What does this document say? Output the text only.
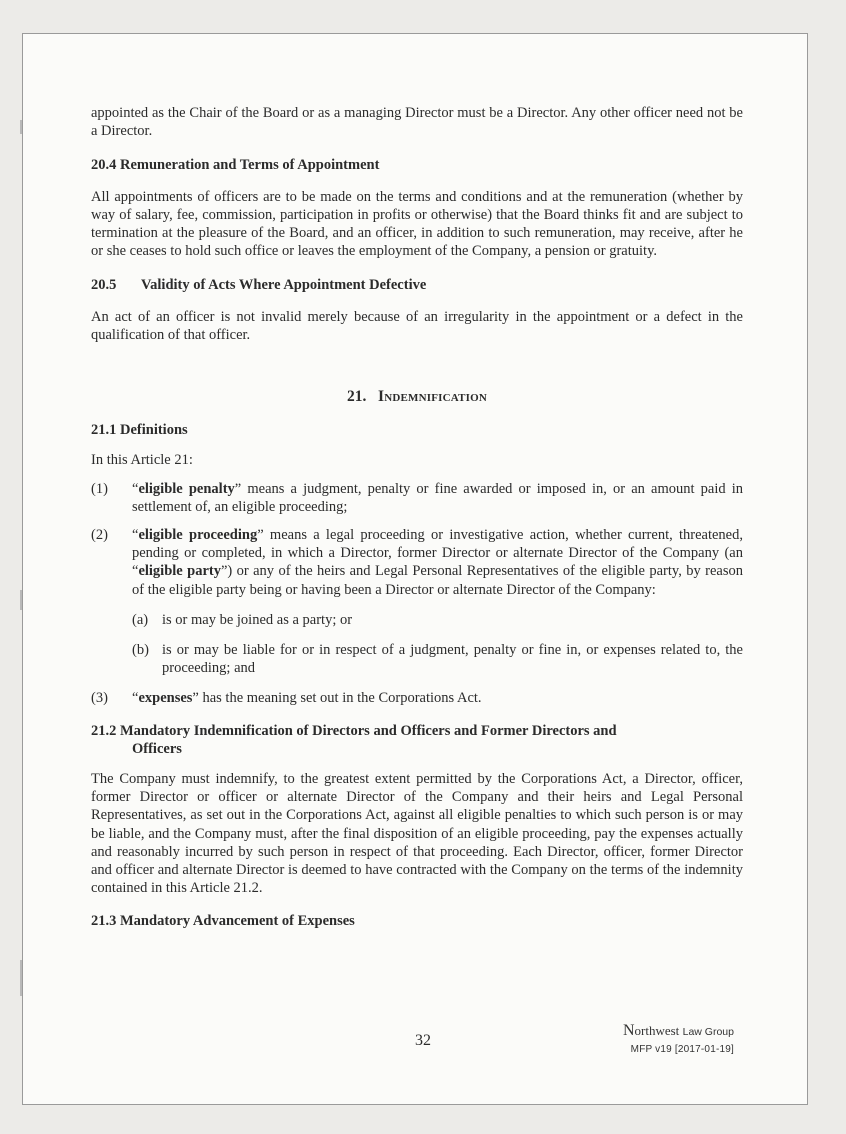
appointed as the Chair of the Board or as a managing Director must be a Director. Any other officer need not be a Director.

20.4 Remuneration and Terms of Appointment

All appointments of officers are to be made on the terms and conditions and at the remuneration (whether by way of salary, fee, commission, participation in profits or otherwise) that the Board thinks fit and are subject to termination at the pleasure of the Board, and an officer, in addition to such remuneration, may receive, after he or she ceases to hold such office or leaves the employment of the Company, a pension or gratuity.

20.5 Validity of Acts Where Appointment Defective

An act of an officer is not invalid merely because of an irregularity in the appointment or a defect in the qualification of that officer.

21. Indemnification
21.1 Definitions

In this Article 21:

(1)	“eligible penalty” means a judgment, penalty or fine awarded or imposed in, or an amount paid in settlement of, an eligible proceeding;
(2)	“eligible proceeding” means a legal proceeding or investigative action, whether current, threatened, pending or completed, in which a Director, former Director or alternate Director of the Company (an “eligible party”) or any of the heirs and Legal Personal Representatives of the eligible party, by reason of the eligible party being or having been a Director or alternate Director of the Company:
(a) is or may be joined as a party; or
(b) is or may be liable for or in respect of a judgment, penalty or fine in, or expenses related to, the proceeding; and
(3)	“expenses” has the meaning set out in the Corporations Act.
21.2 Mandatory Indemnification of Directors and Officers and Former Directors and
Officers

The Company must indemnify, to the greatest extent permitted by the Corporations Act, a Director, officer, former Director or officer or alternate Director of the Company and their heirs and Legal Personal Representatives, as set out in the Corporations Act, against all eligible penalties to which such person is or may be liable, and the Company must, after the final disposition of an eligible proceeding, pay the expenses actually and reasonably incurred by such person in respect of that proceeding. Each Director, officer, former Director and officer and alternate Director is deemed to have contracted with the Company on the terms of the indemnity contained in this Article 21.2.

21.3 Mandatory Advancement of Expenses
32
Northwest Law Group
MFP v19 [2017-01-19]
